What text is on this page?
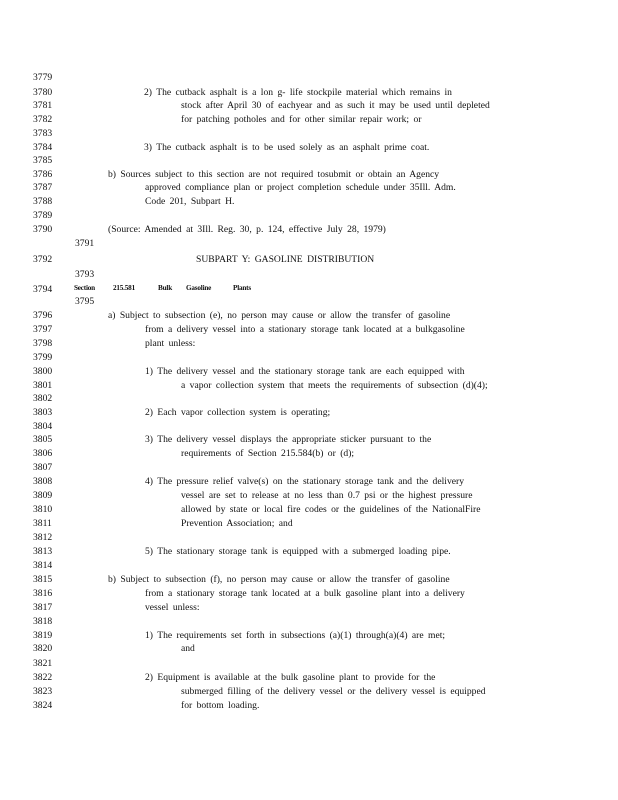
3779
3780	2) The cutback asphalt is a lon g- life stockpile material which remains in
3781	stock after April 30 of eachyear and as such it may be used until depleted
3782	for patching potholes and for other similar repair work; or
3783
3784	3) The cutback asphalt is to be used solely as an asphalt prime coat.
3785
3786	b) Sources subject to this section are not required tosubmit or obtain an Agency
3787	approved compliance plan or project completion schedule under 35Ill. Adm.
3788	Code 201, Subpart H.
3789
3790	(Source: Amended at 3Ill. Reg. 30, p. 124, effective July 28, 1979)
3791
3792	SUBPART Y: GASOLINE DISTRIBUTION
3793
3794
3795
3796	a) Subject to subsection (e), no person may cause or allow the transfer of gasoline
3797	from a delivery vessel into a stationary storage tank located at a bulkgasoline
3798	plant unless:
3799
3800	1) The delivery vessel and the stationary storage tank are each equipped with
3801	a vapor collection system that meets the requirements of subsection (d)(4);
3802
3803	2) Each vapor collection system is operating;
3804
3805	3) The delivery vessel displays the appropriate sticker pursuant to the
3806	requirements of Section 215.584(b) or (d);
3807
3808	4) The pressure relief valve(s) on the stationary storage tank and the delivery
3809	vessel are set to release at no less than 0.7 psi or the highest pressure
3810	allowed by state or local fire codes or the guidelines of the NationalFire
3811	Prevention Association; and
3812
3813	5) The stationary storage tank is equipped with a submerged loading pipe.
3814
3815	b) Subject to subsection (f), no person may cause or allow the transfer of gasoline
3816	from a stationary storage tank located at a bulk gasoline plant into a delivery
3817	vessel unless:
3818
3819	1) The requirements set forth in subsections (a)(1) through(a)(4) are met;
3820	and
3821
3822	2) Equipment is available at the bulk gasoline plant to provide for the
3823	submerged filling of the delivery vessel or the delivery vessel is equipped
3824	for bottom loading.
Section	215.581	Bulk Gasoline	Plants
